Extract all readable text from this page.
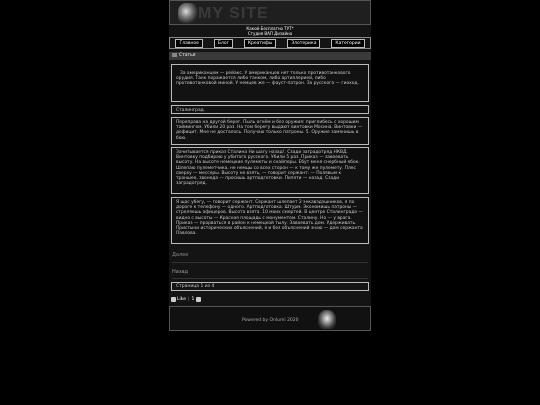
MY SITE
Какой-Бесплатно ТУТ*
Студия ВАП Дизайна
Главное	Блог	Креатифы	Злотерика	Категории
Статья
За американцем — рейакс. У американцев нет только противотанкового орудия. Танк поражается либо танком, либо артиллерией, либо противотанковой миной. У немцев же — фауст-патрон. За русского — гиоход.
Сталинград.
Переправа на другой берег. Пыль огнём и без оружия: приглибесь с хорошим таймингом. Убили 20 раз. На том берегу выдают винтовки Мосина. Винтовки — дефицит. Мне не досталось. Получаю только патроны. 5. Оружие заменишь в бою.
Зачитывается приказ Сталина Ни шагу назад!. Сзади заградотряд НКВД. Винтовку подбираю у убитого русского. Убили 5 раз. Приказ — завоевать высоту. На высоте немецкие пулеметы и снайперы. Ебут меня снербный ебок. Шлепаю пулеметчика, не немцы со всех сторон — к тому же пулемету. Плес сверху — мессеры. Высоту не взять, — говорит сержант. — Полявым к траншее, звонеда — просишь артподготовки. Попяти — назад. Сзади заградотряд.
Я щас убегу, — говорит сержант. Сержант шлепает 2 энкавэдэшников, я по дороге к телефону — одного. Артподготовка. Штурм. Экономишь патроны — стреляешь офицеров. Высота взята. 10 моих смертей. В центре Сталинграда — видно с высоты — Красная площадь с монументом. Сталину. Но — у врага. Приказ — прорваться в район к немецкой тылу. Завоевать дом. Удерживать. Пристыни исторических объяснений, я и без объяснений знаю — дом сержанта Павлова.
Далее
Назад
Страница 1 из 4
Like | 1
Powered by Onlumi 2020
